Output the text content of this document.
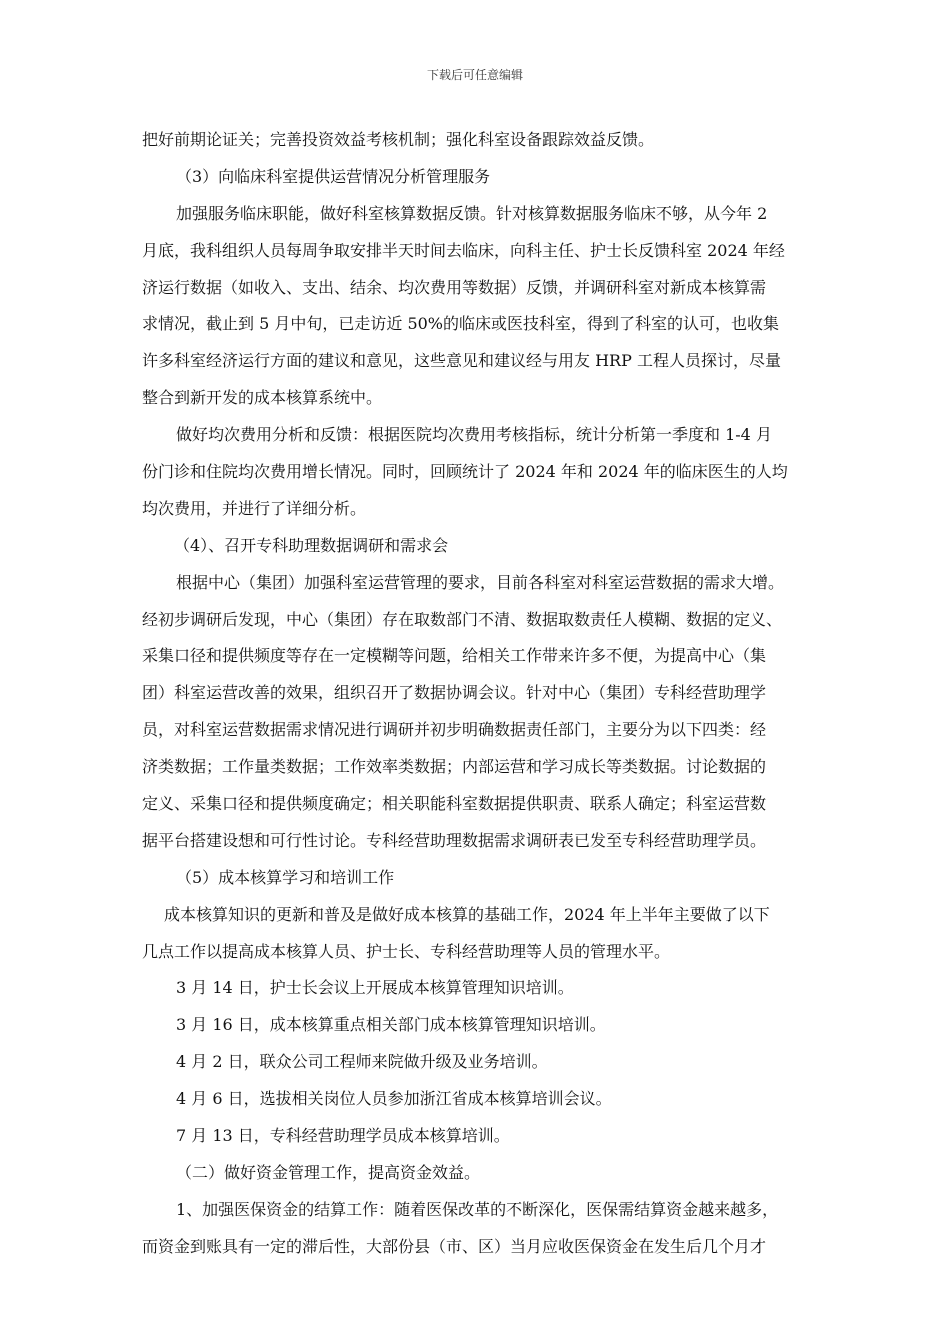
下载后可任意编辑
把好前期论证关；完善投资效益考核机制；强化科室设备跟踪效益反馈。
（3）向临床科室提供运营情况分析管理服务
加强服务临床职能，做好科室核算数据反馈。针对核算数据服务临床不够，从今年 2
月底，我科组织人员每周争取安排半天时间去临床，向科主任、护士长反馈科室 2024 年经
济运行数据（如收入、支出、结余、均次费用等数据）反馈，并调研科室对新成本核算需
求情况，截止到 5 月中旬，已走访近 50%的临床或医技科室，得到了科室的认可，也收集
许多科室经济运行方面的建议和意见，这些意见和建议经与用友 HRP 工程人员探讨，尽量
整合到新开发的成本核算系统中。
做好均次费用分析和反馈：根据医院均次费用考核指标，统计分析第一季度和 1-4 月
份门诊和住院均次费用增长情况。同时，回顾统计了 2024 年和 2024 年的临床医生的人均
均次费用，并进行了详细分析。
（4）、召开专科助理数据调研和需求会
根据中心（集团）加强科室运营管理的要求，目前各科室对科室运营数据的需求大增。
经初步调研后发现，中心（集团）存在取数部门不清、数据取数责任人模糊、数据的定义、
采集口径和提供频度等存在一定模糊等问题，给相关工作带来许多不便，为提高中心（集
团）科室运营改善的效果，组织召开了数据协调会议。针对中心（集团）专科经营助理学
员，对科室运营数据需求情况进行调研并初步明确数据责任部门，主要分为以下四类：经
济类数据；工作量类数据；工作效率类数据；内部运营和学习成长等类数据。讨论数据的
定义、采集口径和提供频度确定；相关职能科室数据提供职责、联系人确定；科室运营数
据平台搭建设想和可行性讨论。专科经营助理数据需求调研表已发至专科经营助理学员。
（5）成本核算学习和培训工作
成本核算知识的更新和普及是做好成本核算的基础工作，2024 年上半年主要做了以下
几点工作以提高成本核算人员、护士长、专科经营助理等人员的管理水平。
3 月 14 日，护士长会议上开展成本核算管理知识培训。
3 月 16 日，成本核算重点相关部门成本核算管理知识培训。
4 月 2 日，联众公司工程师来院做升级及业务培训。
4 月 6 日，选拔相关岗位人员参加浙江省成本核算培训会议。
7 月 13 日，专科经营助理学员成本核算培训。
（二）做好资金管理工作，提高资金效益。
1、加强医保资金的结算工作：随着医保改革的不断深化，医保需结算资金越来越多，
而资金到账具有一定的滞后性，大部份县（市、区）当月应收医保资金在发生后几个月才
